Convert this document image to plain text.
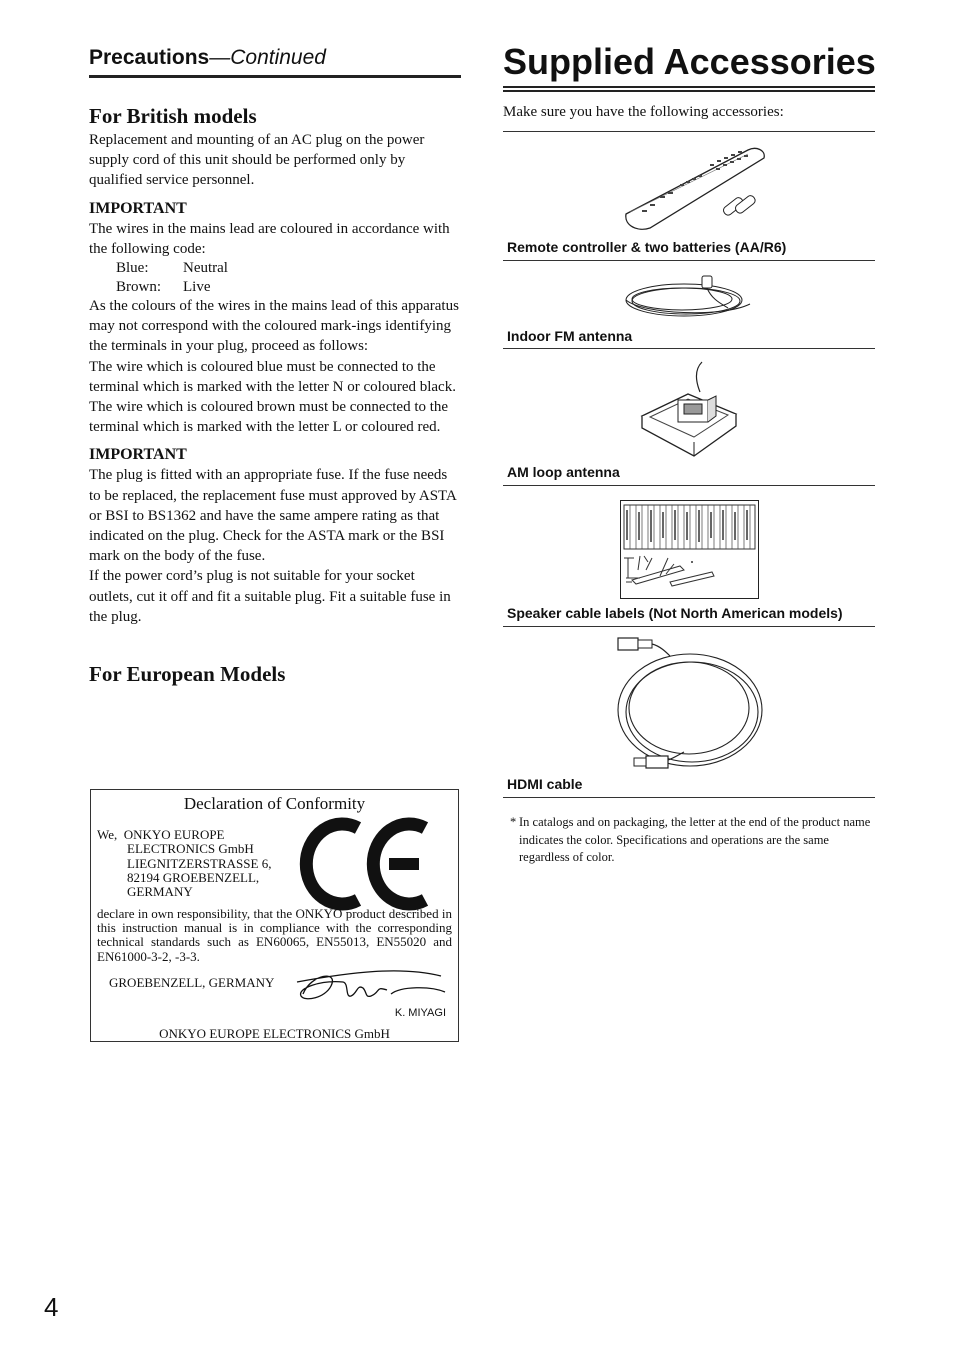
Precautions—Continued
For British models

Replacement and mounting of an AC plug on the power supply cord of this unit should be performed only by qualified service personnel.

IMPORTANT

The wires in the mains lead are coloured in accordance with the following code:

Blue: Neutral
Brown: Live

As the colours of the wires in the mains lead of this apparatus may not correspond with the coloured mark-ings identifying the terminals in your plug, proceed as follows:

The wire which is coloured blue must be connected to the terminal which is marked with the letter N or coloured black.

The wire which is coloured brown must be connected to the terminal which is marked with the letter L or coloured red.

IMPORTANT

The plug is fitted with an appropriate fuse. If the fuse needs to be replaced, the replacement fuse must approved by ASTA or BSI to BS1362 and have the same ampere rating as that indicated on the plug. Check for the ASTA mark or the BSI mark on the body of the fuse.

If the power cord’s plug is not suitable for your socket outlets, cut it off and fit a suitable plug. Fit a suitable fuse in the plug.

For European Models
Declaration of Conformity
We, ONKYO EUROPE
ELECTRONICS GmbH
LIEGNITZERSTRASSE 6,
82194 GROEBENZELL,
GERMANY
declare in own responsibility, that the ONKYO product described in this instruction manual is in compliance with the corresponding technical standards such as EN60065, EN55013, EN55020 and EN61000-3-2, -3-3.
GROEBENZELL, GERMANY
K. MIYAGI
ONKYO EUROPE ELECTRONICS GmbH
Supplied Accessories
Make sure you have the following accessories:
Remote controller & two batteries (AA/R6)
Indoor FM antenna
AM loop antenna
Speaker cable labels (Not North American models)
HDMI cable
* In catalogs and on packaging, the letter at the end of the product name indicates the color. Specifications and operations are the same regardless of color.
4
